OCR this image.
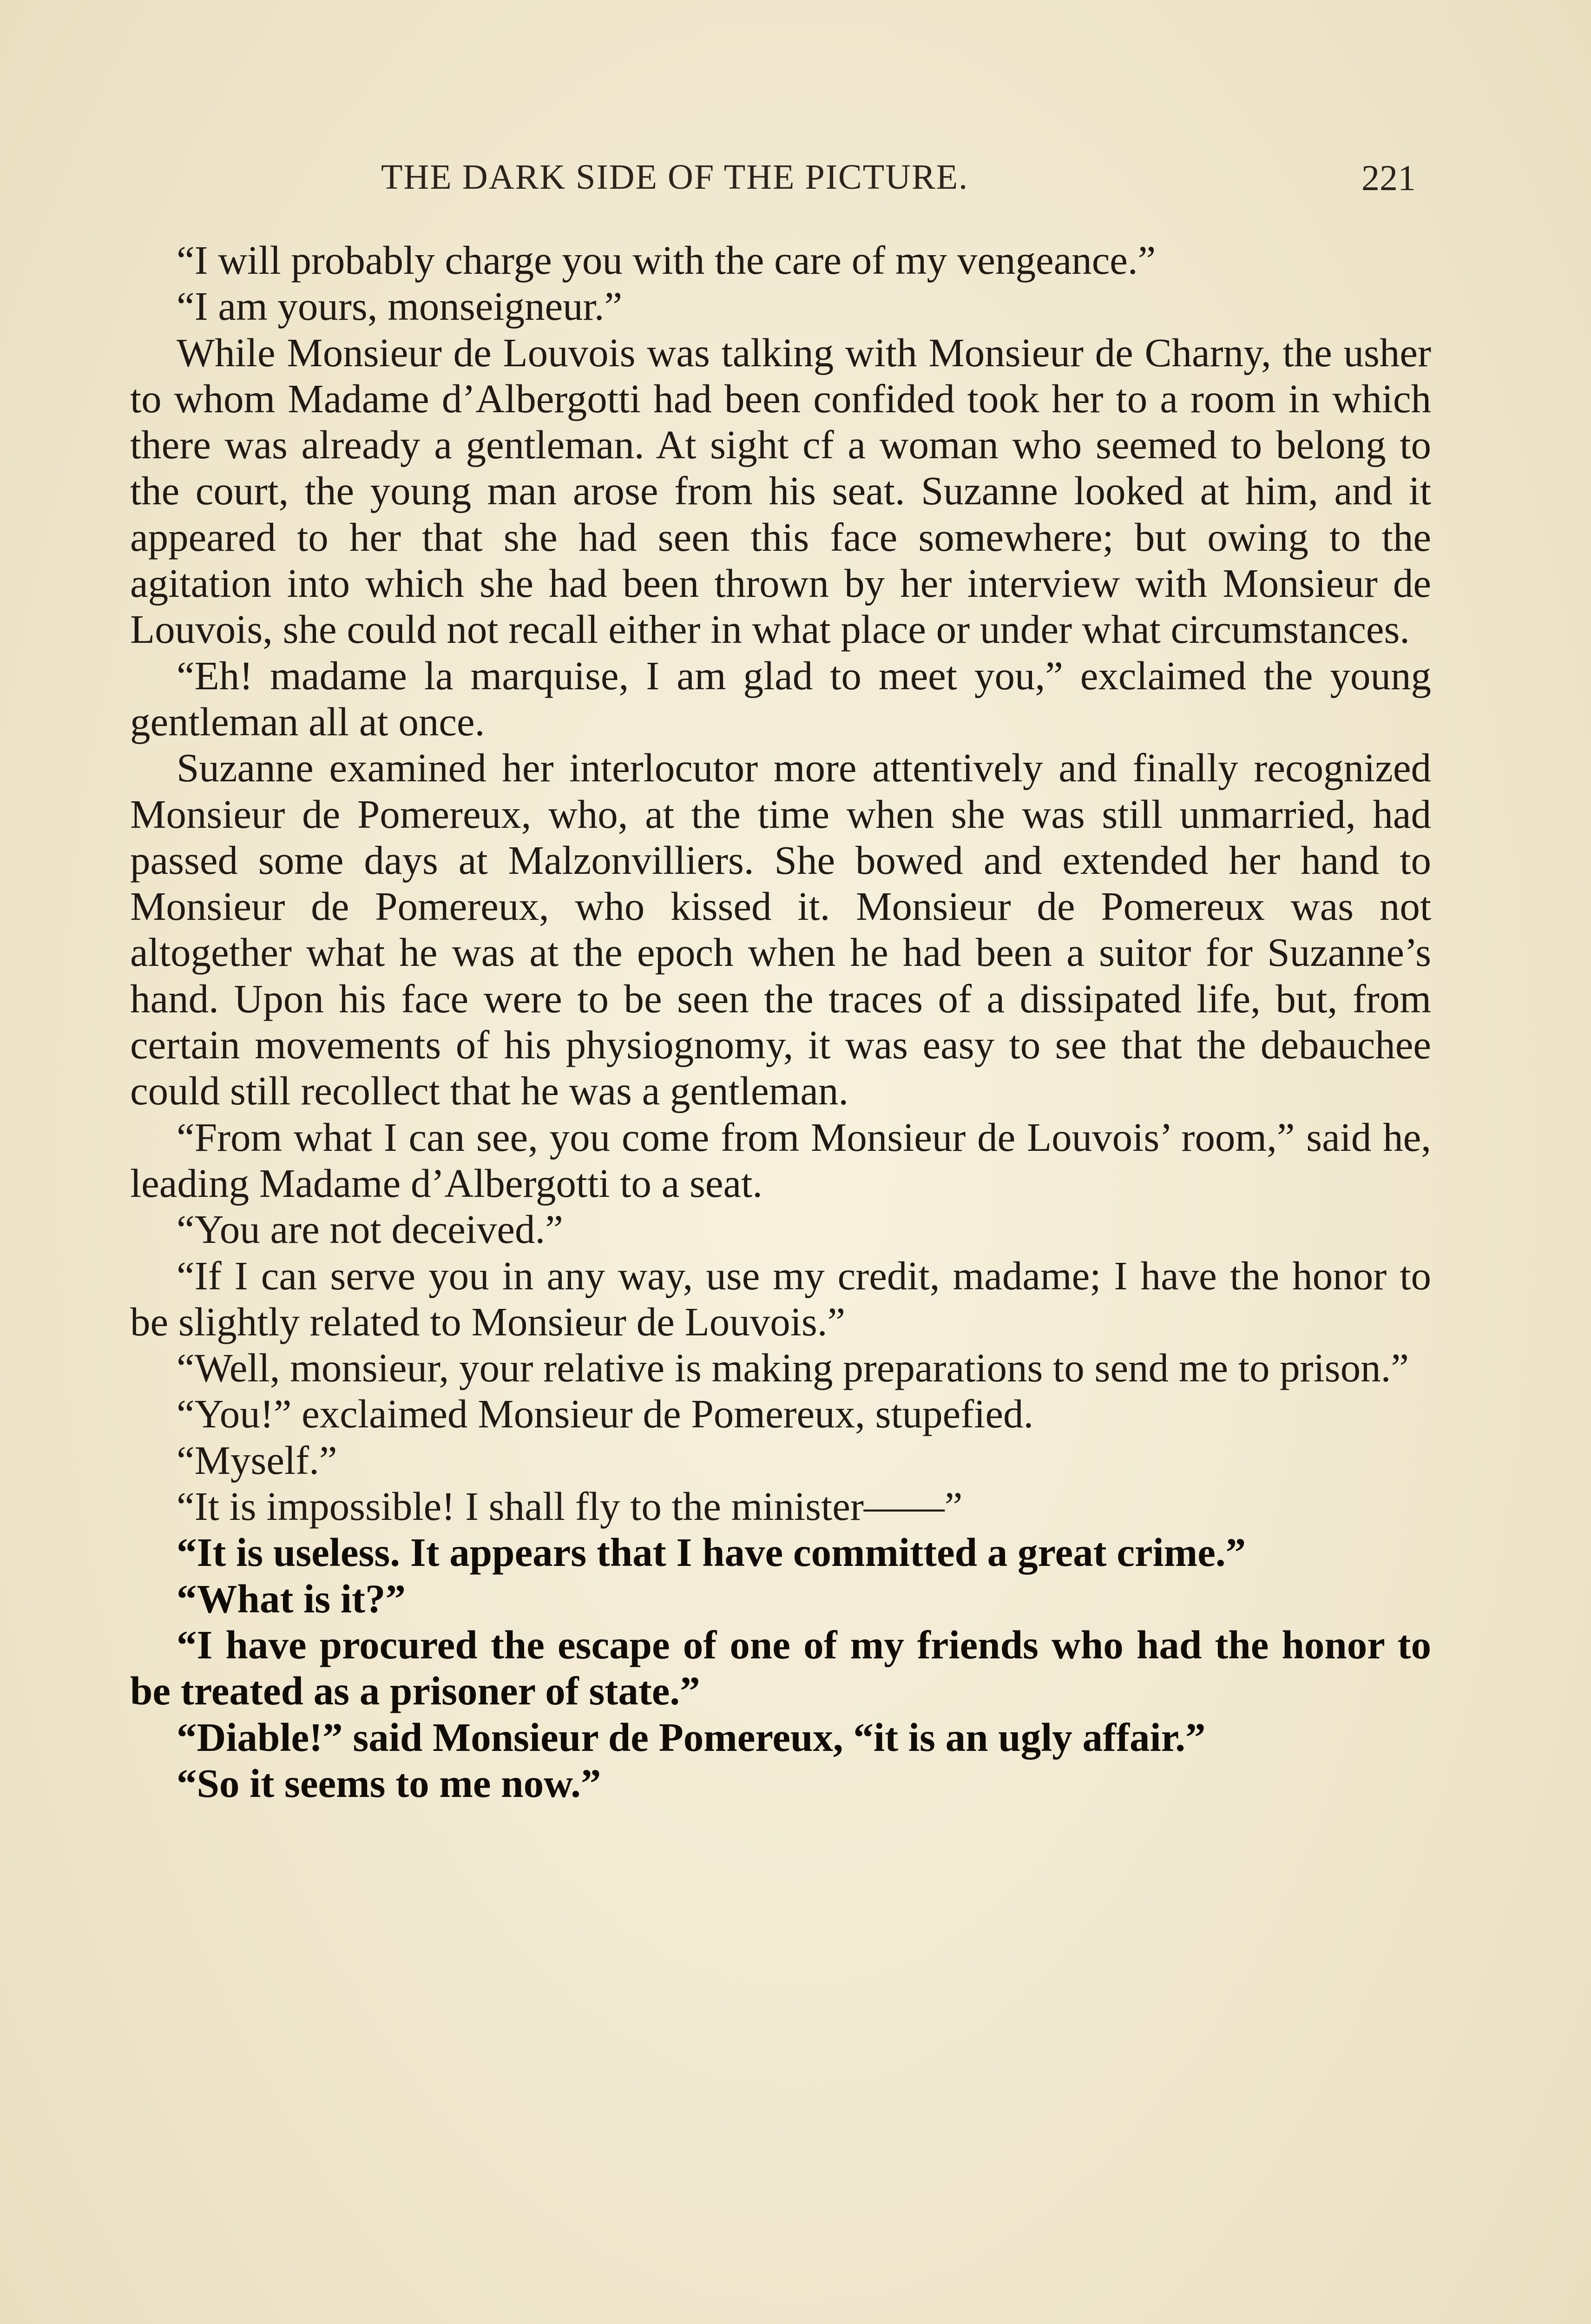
THE DARK SIDE OF THE PICTURE.	221

“I will probably charge you with the care of my vengeance.”

“I am yours, monseigneur.”

While Monsieur de Louvois was talking with Monsieur de Charny, the usher to whom Madame d’Albergotti had been confided took her to a room in which there was already a gentleman. At sight cf a woman who seemed to belong to the court, the young man arose from his seat. Suzanne looked at him, and it appeared to her that she had seen this face somewhere; but owing to the agitation into which she had been thrown by her interview with Monsieur de Louvois, she could not recall either in what place or under what circumstances.

“Eh! madame la marquise, I am glad to meet you,” exclaimed the young gentleman all at once.

Suzanne examined her interlocutor more attentively and finally recognized Monsieur de Pomereux, who, at the time when she was still unmarried, had passed some days at Malzonvilliers. She bowed and extended her hand to Monsieur de Pomereux, who kissed it. Monsieur de Pomereux was not altogether what he was at the epoch when he had been a suitor for Suzanne’s hand. Upon his face were to be seen the traces of a dissipated life, but, from certain movements of his physiognomy, it was easy to see that the debauchee could still recollect that he was a gentleman.

“From what I can see, you come from Monsieur de Louvois’ room,” said he, leading Madame d’Albergotti to a seat.

“You are not deceived.”

“If I can serve you in any way, use my credit, madame; I have the honor to be slightly related to Monsieur de Louvois.”

“Well, monsieur, your relative is making preparations to send me to prison.”

“You!” exclaimed Monsieur de Pomereux, stupefied.

“Myself.”

“It is impossible! I shall fly to the minister——”

“It is useless. It appears that I have committed a great crime.”

“What is it?”

“I have procured the escape of one of my friends who had the honor to be treated as a prisoner of state.”

“Diable!” said Monsieur de Pomereux, “it is an ugly affair.”

“So it seems to me now.”
